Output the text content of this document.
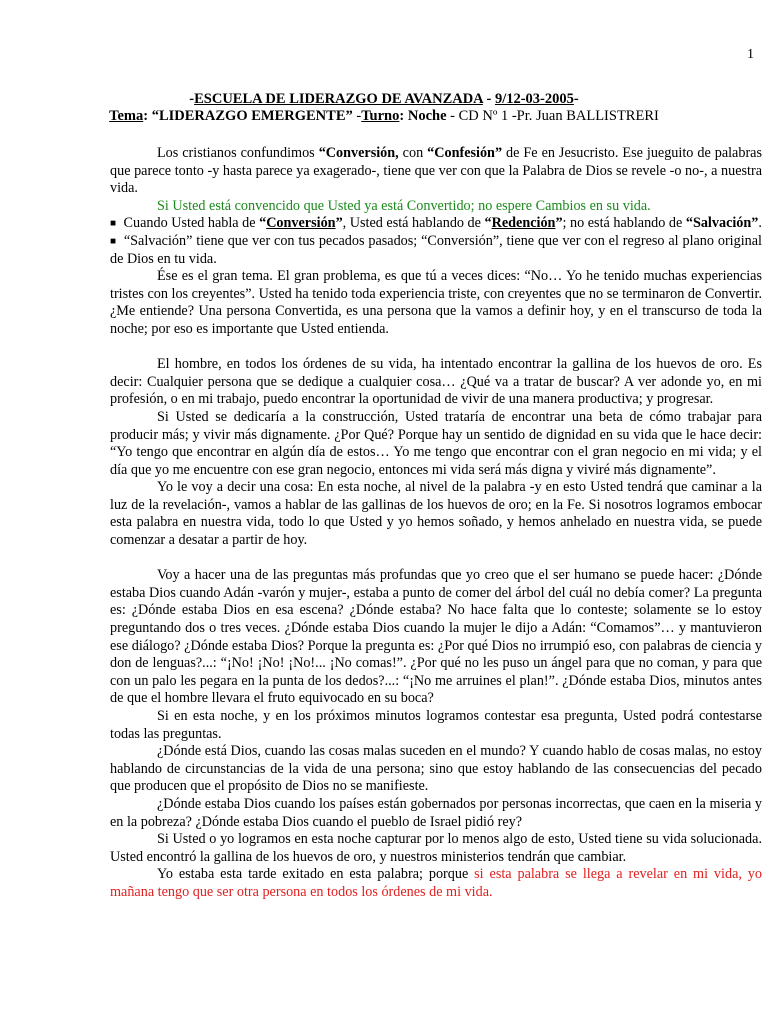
1
-ESCUELA DE LIDERAZGO DE AVANZADA - 9/12-03-2005-
Tema: “LIDERAZGO EMERGENTE” -Turno: Noche - CD Nº 1 -Pr. Juan BALLISTRERI

Los cristianos confundimos “Conversión, con “Confesión” de Fe en Jesucristo. Ese jueguito de palabras que parece tonto -y hasta parece ya exagerado-, tiene que ver con que la Palabra de Dios se revele -o no-, a nuestra vida.

Si Usted está convencido que Usted ya está Convertido; no espere Cambios en su vida.

■ Cuando Usted habla de “Conversión”, Usted está hablando de “Redención”; no está hablando de “Salvación”.

■ “Salvación” tiene que ver con tus pecados pasados; “Conversión”, tiene que ver con el regreso al plano original de Dios en tu vida.

Ése es el gran tema. El gran problema, es que tú a veces dices: “No… Yo he tenido muchas experiencias tristes con los creyentes”. Usted ha tenido toda experiencia triste, con creyentes que no se terminaron de Convertir. ¿Me entiende? Una persona Convertida, es una persona que la vamos a definir hoy, y en el transcurso de toda la noche; por eso es importante que Usted entienda.

El hombre, en todos los órdenes de su vida, ha intentado encontrar la gallina de los huevos de oro. Es decir: Cualquier persona que se dedique a cualquier cosa… ¿Qué va a tratar de buscar? A ver adonde yo, en mi profesión, o en mi trabajo, puedo encontrar la oportunidad de vivir de una manera productiva; y progresar.

Si Usted se dedicaría a la construcción, Usted trataría de encontrar una beta de cómo trabajar para producir más; y vivir más dignamente. ¿Por Qué? Porque hay un sentido de dignidad en su vida que le hace decir: “Yo tengo que encontrar en algún día de estos… Yo me tengo que encontrar con el gran negocio en mi vida; y el día que yo me encuentre con ese gran negocio, entonces mi vida será más digna y viviré más dignamente”.

Yo le voy a decir una cosa: En esta noche, al nivel de la palabra -y en esto Usted tendrá que caminar a la luz de la revelación-, vamos a hablar de las gallinas de los huevos de oro; en la Fe. Si nosotros logramos embocar esta palabra en nuestra vida, todo lo que Usted y yo hemos soñado, y hemos anhelado en nuestra vida, se puede comenzar a desatar a partir de hoy.

Voy a hacer una de las preguntas más profundas que yo creo que el ser humano se puede hacer: ¿Dónde estaba Dios cuando Adán -varón y mujer-, estaba a punto de comer del árbol del cuál no debía comer? La pregunta es: ¿Dónde estaba Dios en esa escena? ¿Dónde estaba? No hace falta que lo conteste; solamente se lo estoy preguntando dos o tres veces. ¿Dónde estaba Dios cuando la mujer le dijo a Adán: “Comamos”… y mantuvieron ese diálogo? ¿Dónde estaba Dios? Porque la pregunta es: ¿Por qué Dios no irrumpió eso, con palabras de ciencia y don de lenguas?...: “¡No! ¡No! ¡No!... ¡No comas!”. ¿Por qué no les puso un ángel para que no coman, y para que con un palo les pegara en la punta de los dedos?...: “¡No me arruines el plan!”. ¿Dónde estaba Dios, minutos antes de que el hombre llevara el fruto equivocado en su boca?

Si en esta noche, y en los próximos minutos logramos contestar esa pregunta, Usted podrá contestarse todas las preguntas.

¿Dónde está Dios, cuando las cosas malas suceden en el mundo? Y cuando hablo de cosas malas, no estoy hablando de circunstancias de la vida de una persona; sino que estoy hablando de las consecuencias del pecado que producen que el propósito de Dios no se manifieste.

¿Dónde estaba Dios cuando los países están gobernados por personas incorrectas, que caen en la miseria y en la pobreza? ¿Dónde estaba Dios cuando el pueblo de Israel pidió rey?

Si Usted o yo logramos en esta noche capturar por lo menos algo de esto, Usted tiene su vida solucionada. Usted encontró la gallina de los huevos de oro, y nuestros ministerios tendrán que cambiar.

Yo estaba esta tarde exitado en esta palabra; porque si esta palabra se llega a revelar en mi vida, yo mañana tengo que ser otra persona en todos los órdenes de mi vida.
